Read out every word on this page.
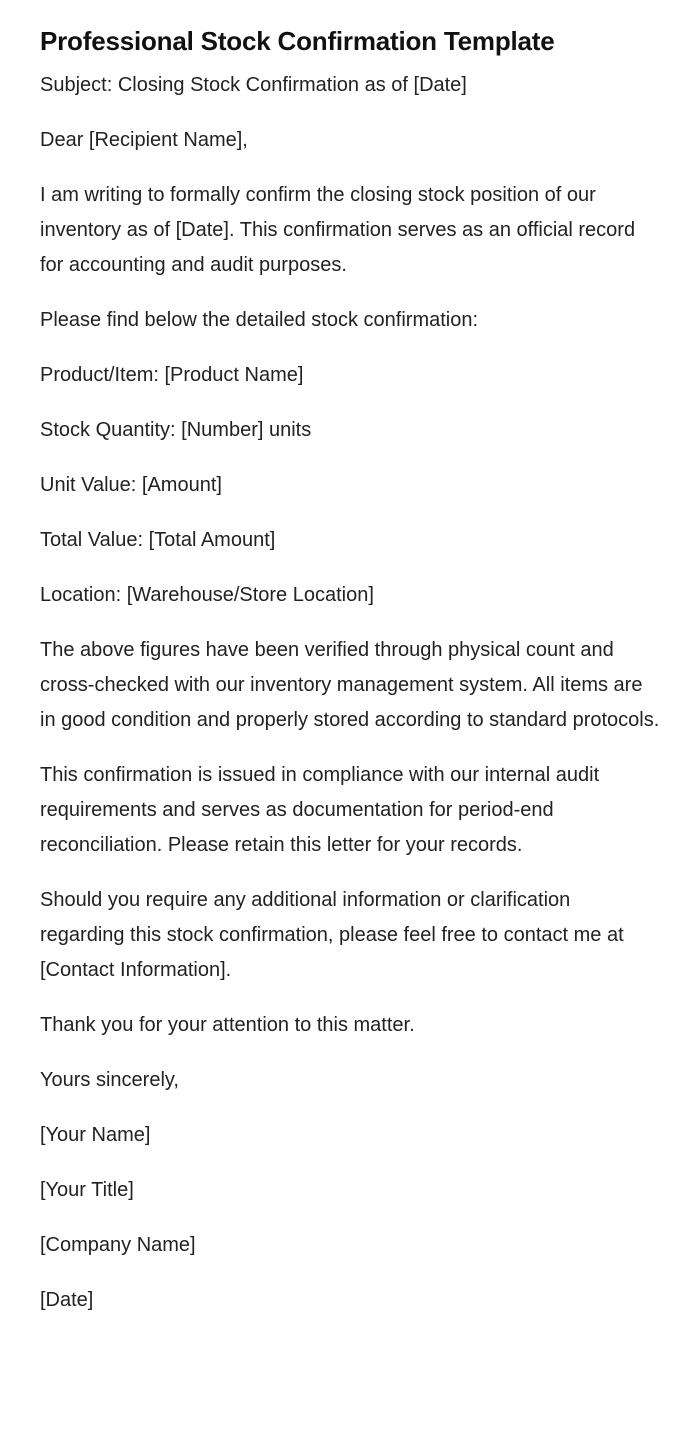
Professional Stock Confirmation Template

Subject: Closing Stock Confirmation as of [Date]

Dear [Recipient Name],

I am writing to formally confirm the closing stock position of our inventory as of [Date]. This confirmation serves as an official record for accounting and audit purposes.

Please find below the detailed stock confirmation:

Product/Item: [Product Name]

Stock Quantity: [Number] units

Unit Value: [Amount]

Total Value: [Total Amount]

Location: [Warehouse/Store Location]

The above figures have been verified through physical count and cross-checked with our inventory management system. All items are in good condition and properly stored according to standard protocols.

This confirmation is issued in compliance with our internal audit requirements and serves as documentation for period-end reconciliation. Please retain this letter for your records.

Should you require any additional information or clarification regarding this stock confirmation, please feel free to contact me at [Contact Information].

Thank you for your attention to this matter.

Yours sincerely,

[Your Name]

[Your Title]

[Company Name]

[Date]
